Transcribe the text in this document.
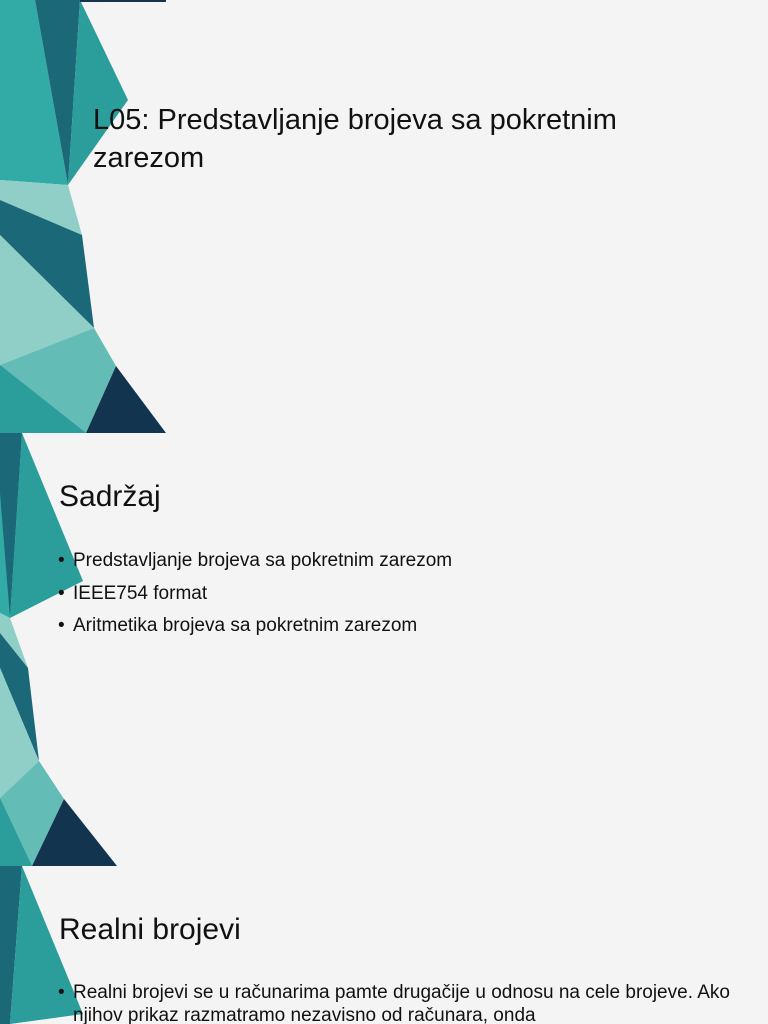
L05: Predstavljanje brojeva sa pokretnim zarezom
Sadržaj
• Predstavljanje brojeva sa pokretnim zarezom
• IEEE754 format
• Aritmetika brojeva sa pokretnim zarezom
Realni brojevi
• Realni brojevi se u računarima pamte drugačije u odnosu na cele brojeve. Ako njihov prikaz razmatramo nezavisno od računara, onda
